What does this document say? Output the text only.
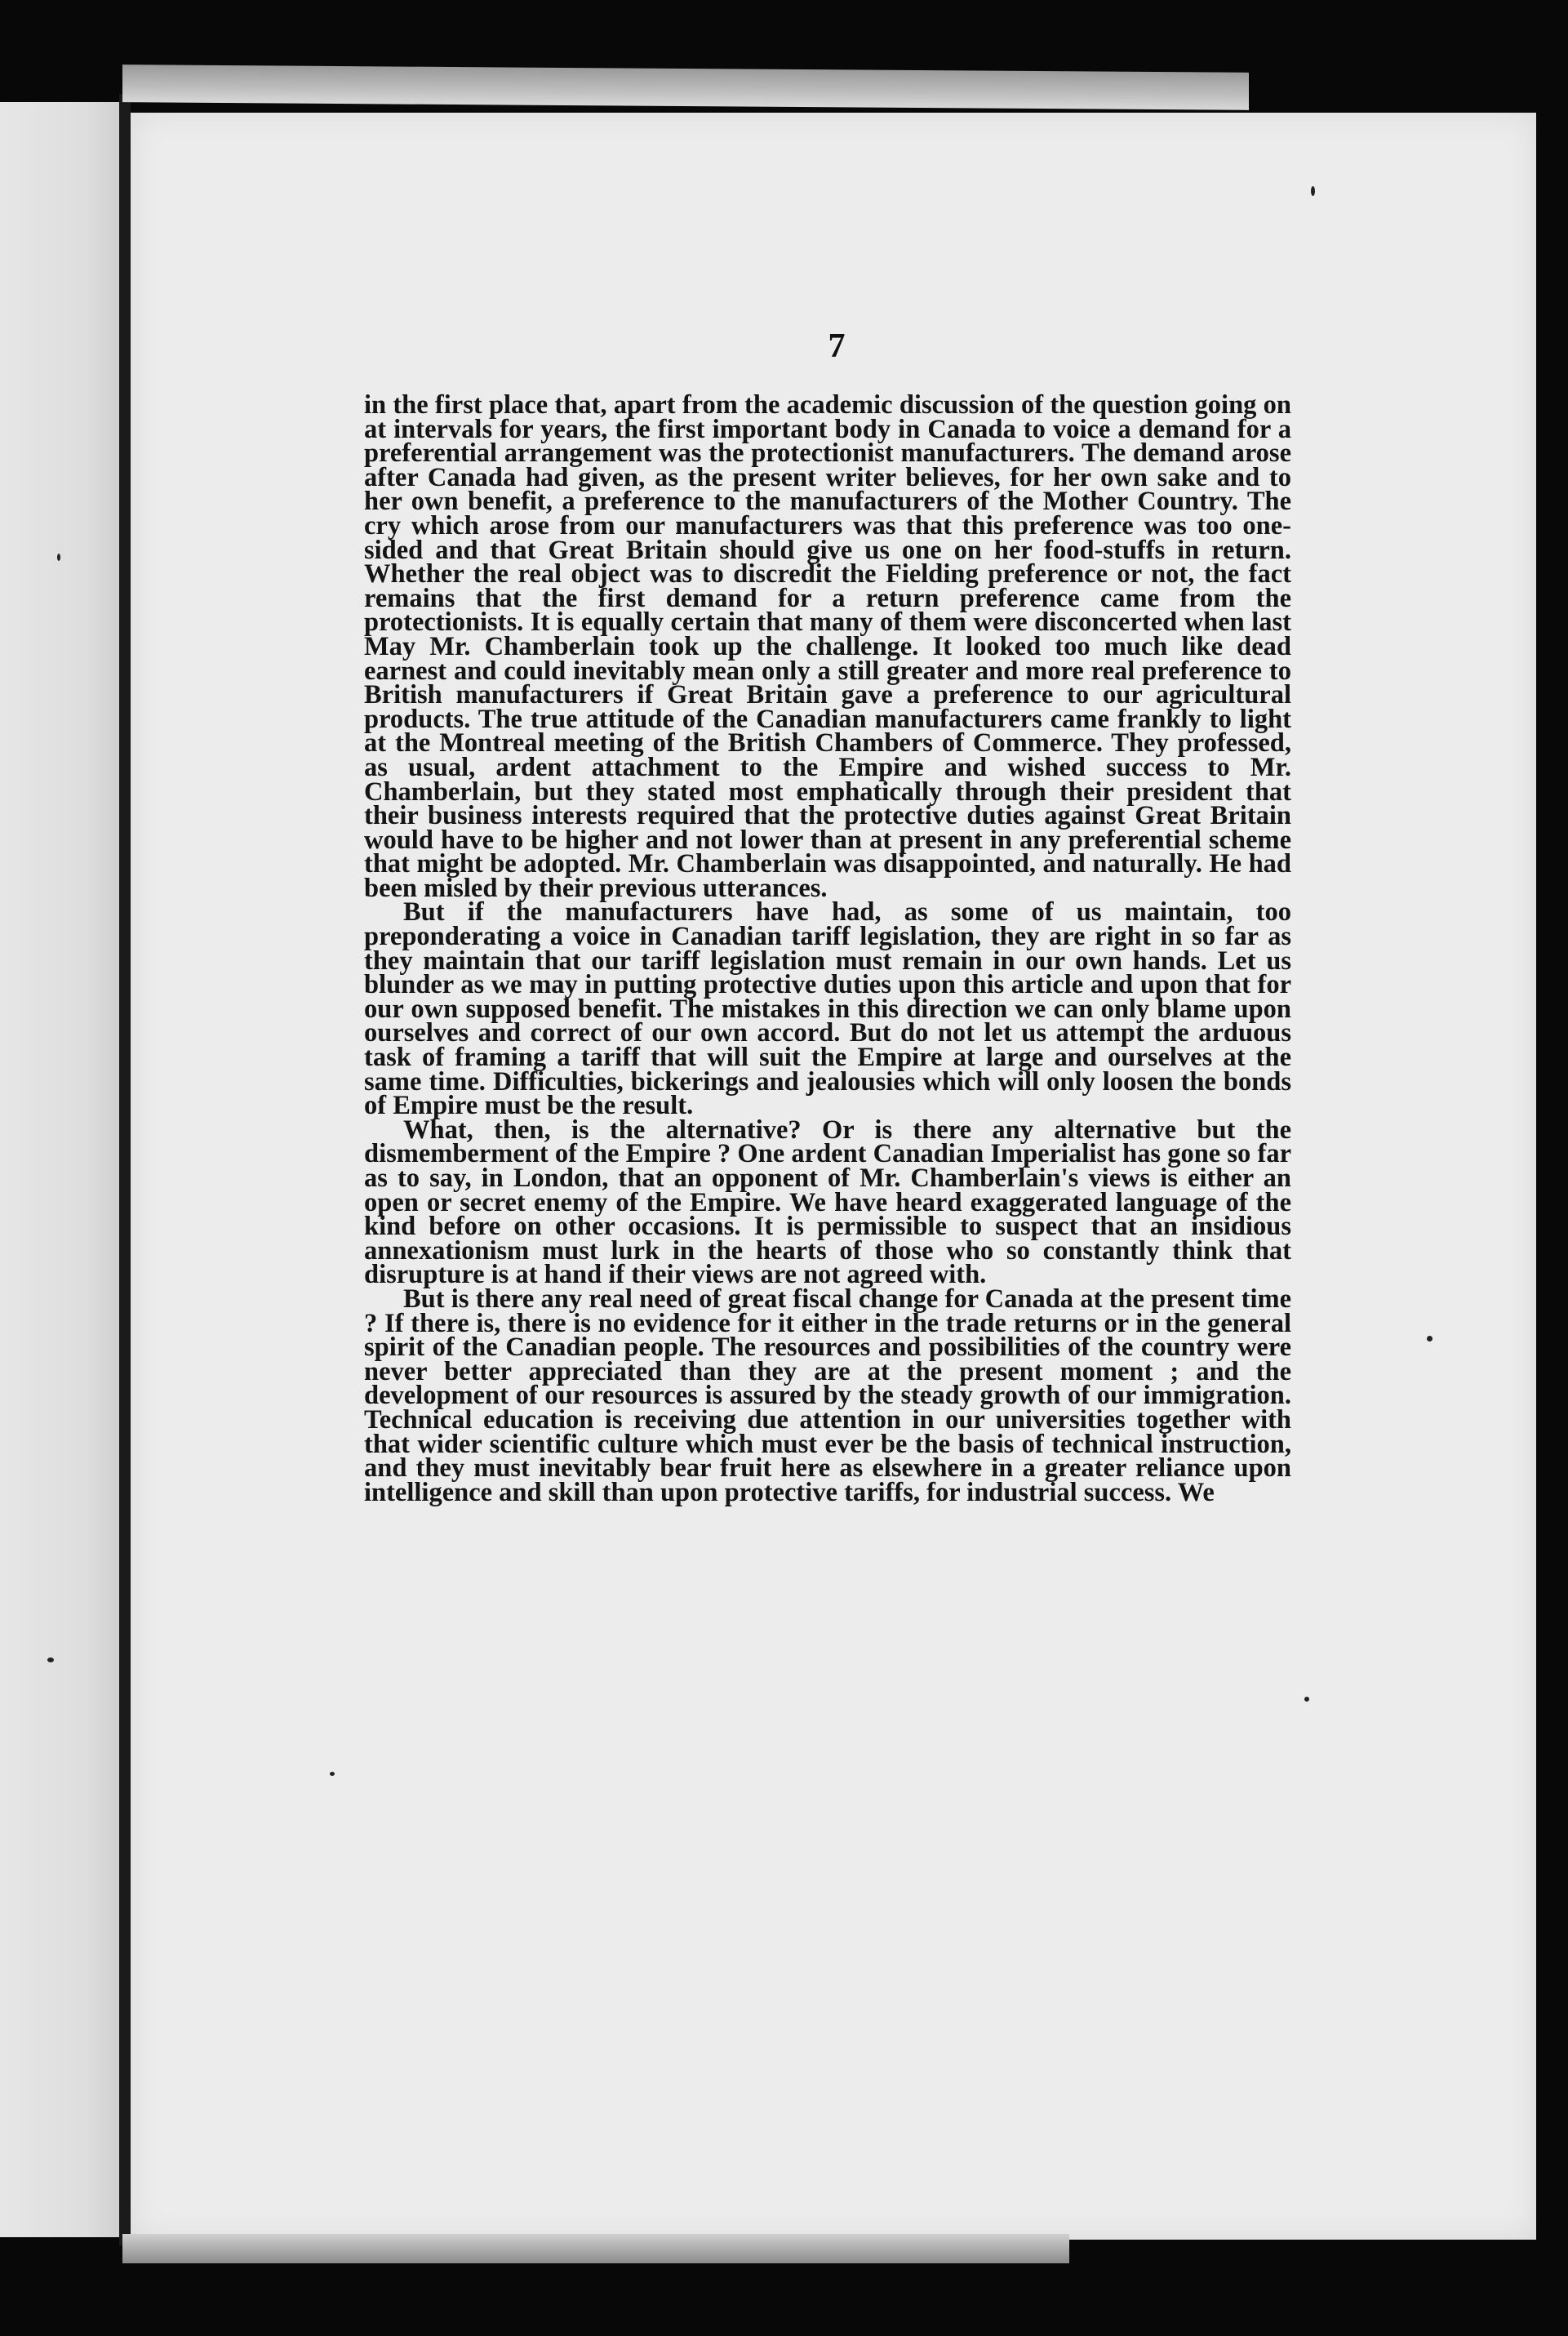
7

in the first place that, apart from the academic discussion of the question going on at intervals for years, the first important body in Canada to voice a demand for a preferential arrangement was the protectionist manufacturers. The demand arose after Canada had given, as the present writer believes, for her own sake and to her own benefit, a preference to the manufacturers of the Mother Country. The cry which arose from our manufacturers was that this preference was too one-sided and that Great Britain should give us one on her food-stuffs in return. Whether the real object was to discredit the Fielding preference or not, the fact remains that the first demand for a return preference came from the protectionists. It is equally certain that many of them were disconcerted when last May Mr. Chamberlain took up the challenge. It looked too much like dead earnest and could inevitably mean only a still greater and more real preference to British manufacturers if Great Britain gave a preference to our agricultural products. The true attitude of the Canadian manufacturers came frankly to light at the Montreal meeting of the British Chambers of Commerce. They professed, as usual, ardent attachment to the Empire and wished success to Mr. Chamberlain, but they stated most emphatically through their president that their business interests required that the protective duties against Great Britain would have to be higher and not lower than at present in any preferential scheme that might be adopted. Mr. Chamberlain was disappointed, and naturally. He had been misled by their previous utterances.

But if the manufacturers have had, as some of us maintain, too preponderating a voice in Canadian tariff legislation, they are right in so far as they maintain that our tariff legislation must remain in our own hands. Let us blunder as we may in putting protective duties upon this article and upon that for our own supposed benefit. The mistakes in this direction we can only blame upon ourselves and correct of our own accord. But do not let us attempt the arduous task of framing a tariff that will suit the Empire at large and ourselves at the same time. Difficulties, bickerings and jealousies which will only loosen the bonds of Empire must be the result.

What, then, is the alternative? Or is there any alternative but the dismemberment of the Empire ? One ardent Canadian Imperialist has gone so far as to say, in London, that an opponent of Mr. Chamberlain's views is either an open or secret enemy of the Empire. We have heard exaggerated language of the kind before on other occasions. It is permissible to suspect that an insidious annexationism must lurk in the hearts of those who so constantly think that disrupture is at hand if their views are not agreed with.

But is there any real need of great fiscal change for Canada at the present time ? If there is, there is no evidence for it either in the trade returns or in the general spirit of the Canadian people. The resources and possibilities of the country were never better appreciated than they are at the present moment ; and the development of our resources is assured by the steady growth of our immigration. Technical education is receiving due attention in our universities together with that wider scientific culture which must ever be the basis of technical instruction, and they must inevitably bear fruit here as elsewhere in a greater reliance upon intelligence and skill than upon protective tariffs, for industrial success. We
